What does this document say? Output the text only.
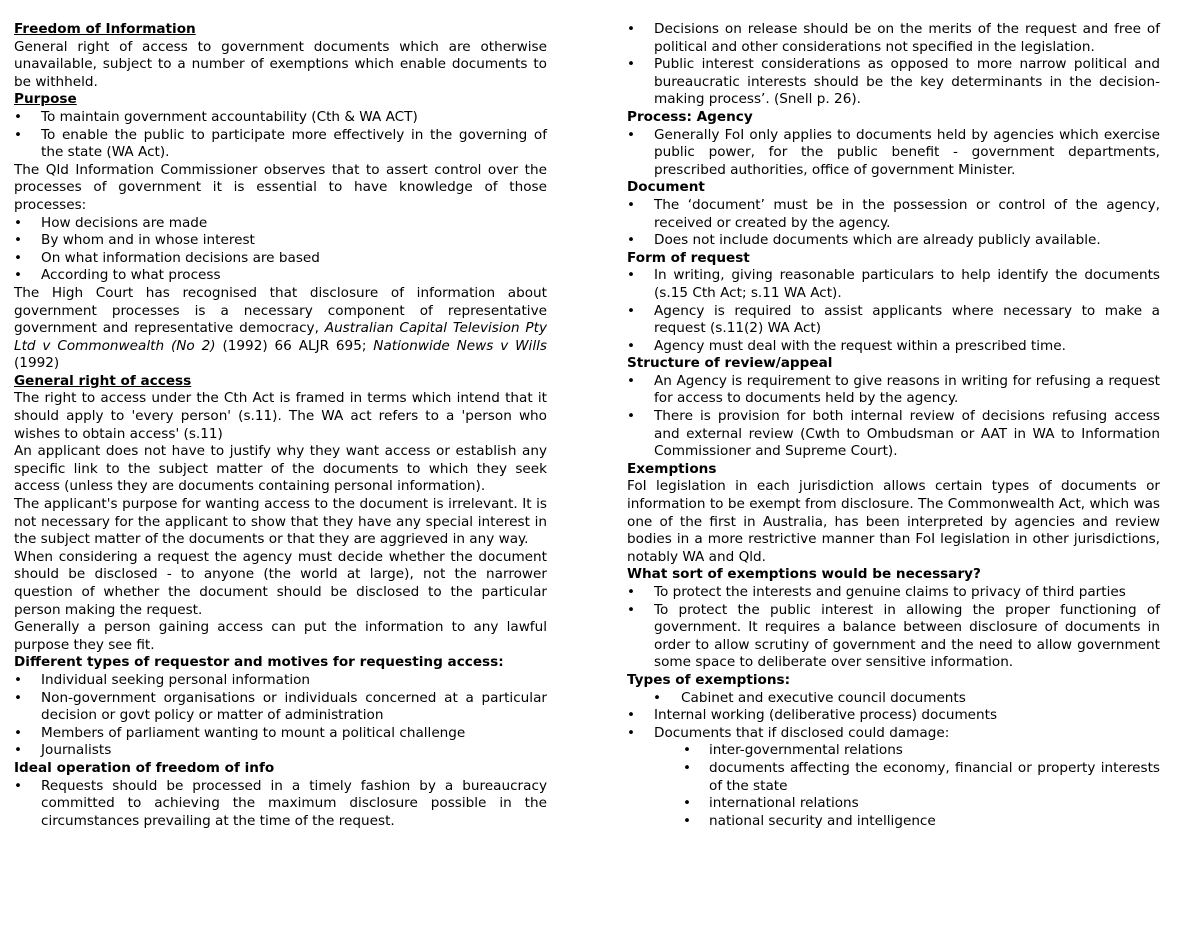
Freedom of Information

General right of access to government documents which are otherwise unavailable, subject to a number of exemptions which enable documents to be withheld.

Purpose

• To maintain government accountability (Cth & WA ACT)
• To enable the public to participate more effectively in the governing of the state (WA Act).

The Qld Information Commissioner observes that to assert control over the processes of government it is essential to have knowledge of those processes:

• How decisions are made
• By whom and in whose interest
• On what information decisions are based
• According to what process

The High Court has recognised that disclosure of information about government processes is a necessary component of representative government and representative democracy, Australian Capital Television Pty Ltd v Commonwealth (No 2) (1992) 66 ALJR 695; Nationwide News v Wills (1992)

General right of access

The right to access under the Cth Act is framed in terms which intend that it should apply to 'every person' (s.11). The WA act refers to a 'person who wishes to obtain access' (s.11)

An applicant does not have to justify why they want access or establish any specific link to the subject matter of the documents to which they seek access (unless they are documents containing personal information).

The applicant's purpose for wanting access to the document is irrelevant. It is not necessary for the applicant to show that they have any special interest in the subject matter of the documents or that they are aggrieved in any way.

When considering a request the agency must decide whether the document should be disclosed - to anyone (the world at large), not the narrower question of whether the document should be disclosed to the particular person making the request.

Generally a person gaining access can put the information to any lawful purpose they see fit.

Different types of requestor and motives for requesting access:

• Individual seeking personal information
• Non-government organisations or individuals concerned at a particular decision or govt policy or matter of administration
• Members of parliament wanting to mount a political challenge
• Journalists

Ideal operation of freedom of info

• Requests should be processed in a timely fashion by a bureaucracy committed to achieving the maximum disclosure possible in the circumstances prevailing at the time of the request.
• Decisions on release should be on the merits of the request and free of political and other considerations not specified in the legislation.
• Public interest considerations as opposed to more narrow political and bureaucratic interests should be the key determinants in the decision-making process’. (Snell p. 26).

Process: Agency

• Generally FoI only applies to documents held by agencies which exercise public power, for the public benefit - government departments, prescribed authorities, office of government Minister.

Document

• The ‘document’ must be in the possession or control of the agency, received or created by the agency.
• Does not include documents which are already publicly available.

Form of request

• In writing, giving reasonable particulars to help identify the documents (s.15 Cth Act; s.11 WA Act).
• Agency is required to assist applicants where necessary to make a request (s.11(2) WA Act)
• Agency must deal with the request within a prescribed time.

Structure of review/appeal

• An Agency is requirement to give reasons in writing for refusing a request for access to documents held by the agency.
• There is provision for both internal review of decisions refusing access and external review (Cwth to Ombudsman or AAT in WA to Information Commissioner and Supreme Court).

Exemptions

FoI legislation in each jurisdiction allows certain types of documents or information to be exempt from disclosure. The Commonwealth Act, which was one of the first in Australia, has been interpreted by agencies and review bodies in a more restrictive manner than FoI legislation in other jurisdictions, notably WA and Qld.

What sort of exemptions would be necessary?

• To protect the interests and genuine claims to privacy of third parties
• To protect the public interest in allowing the proper functioning of government. It requires a balance between disclosure of documents in order to allow scrutiny of government and the need to allow government some space to deliberate over sensitive information.

Types of exemptions:

• Cabinet and executive council documents
• Internal working (deliberative process) documents
• Documents that if disclosed could damage:
• inter-governmental relations
• documents affecting the economy, financial or property interests of the state
• international relations
• national security and intelligence
